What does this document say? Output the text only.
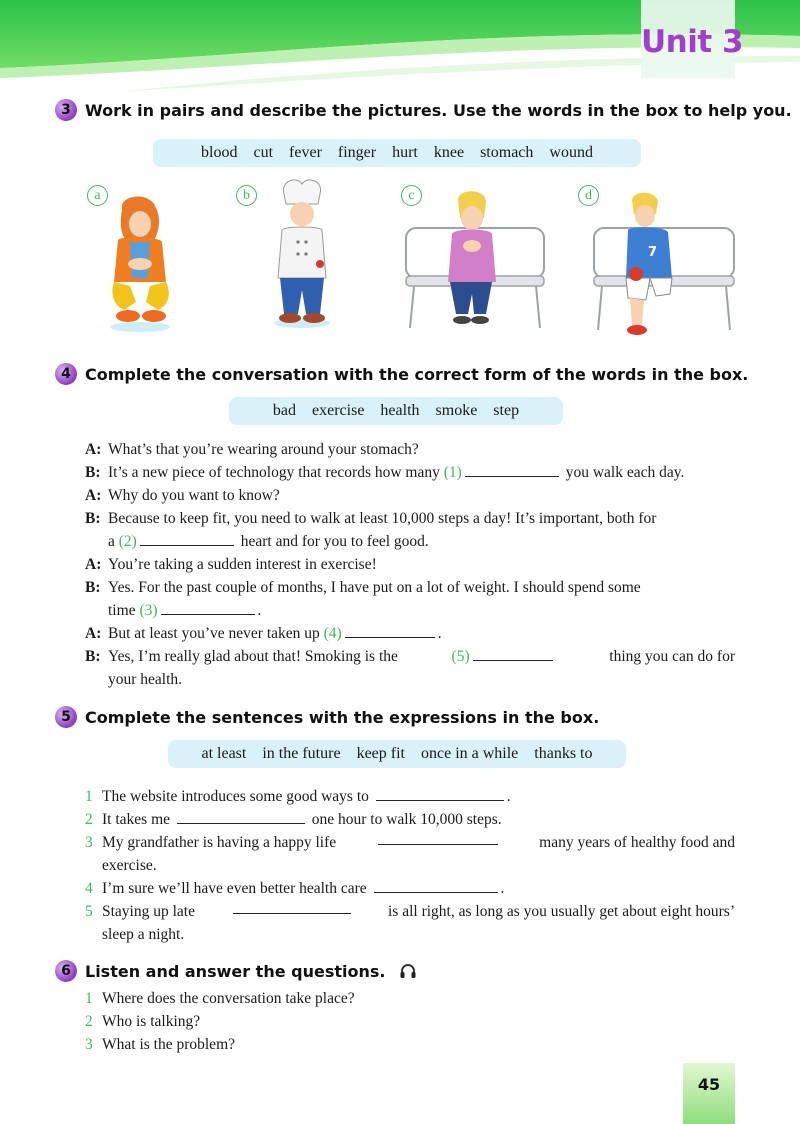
Unit 3
3 Work in pairs and describe the pictures. Use the words in the box to help you.
blood cut fever finger hurt knee stomach wound
a	b	c	d
7
4 Complete the conversation with the correct form of the words in the box.
bad exercise health smoke step
A: What’s that you’re wearing around your stomach?
B: It’s a new piece of technology that records how many (1)	you walk each day.
A: Why do you want to know?
B: Because to keep fit, you need to walk at least 10,000 steps a day! It’s important, both for
a (2)	heart and for you to feel good.
A: You’re taking a sudden interest in exercise!
B: Yes. For the past couple of months, I have put on a lot of weight. I should spend some
time (3)	.
A: But at least you’ve never taken up (4)	.
B: Yes, I’m really glad about that! Smoking is the	(5)	thing you can do for
your health.
5 Complete the sentences with the expressions in the box.
at least in the future keep fit once in a while thanks to
1 The website introduces some good ways to	.
2 It takes me	one hour to walk 10,000 steps.
3 My grandfather is having a happy life	many years of healthy food and
exercise.
4 I’m sure we’ll have even better health care	.
5 Staying up late	is all right, as long as you usually get about eight hours’
sleep a night.
6 Listen and answer the questions.
1 Where does the conversation take place?
2 Who is talking?
3 What is the problem?
45
